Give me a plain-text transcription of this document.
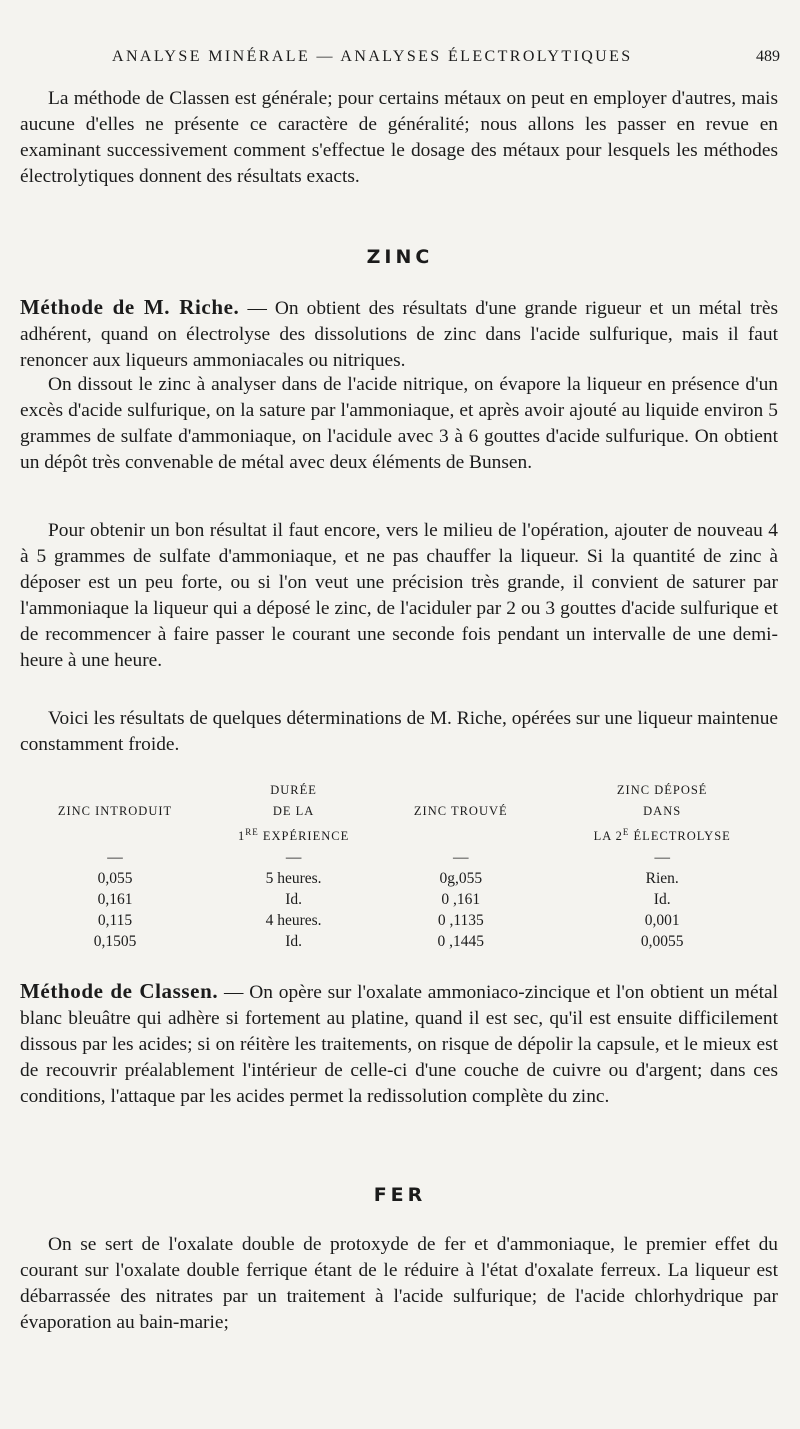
ANALYSE MINÉRALE — ANALYSES ÉLECTROLYTIQUES	489

La méthode de Classen est générale; pour certains métaux on peut en employer d'autres, mais aucune d'elles ne présente ce caractère de généralité; nous allons les passer en revue en examinant successivement comment s'effectue le dosage des métaux pour lesquels les méthodes électrolytiques donnent des résultats exacts.

ZINC

Méthode de M. Riche. — On obtient des résultats d'une grande rigueur et un métal très adhérent, quand on électrolyse des dissolutions de zinc dans l'acide sulfurique, mais il faut renoncer aux liqueurs ammoniacales ou nitriques.

On dissout le zinc à analyser dans de l'acide nitrique, on évapore la liqueur en présence d'un excès d'acide sulfurique, on la sature par l'ammoniaque, et après avoir ajouté au liquide environ 5 grammes de sulfate d'ammoniaque, on l'acidule avec 3 à 6 gouttes d'acide sulfurique. On obtient un dépôt très convenable de métal avec deux éléments de Bunsen.

Pour obtenir un bon résultat il faut encore, vers le milieu de l'opération, ajouter de nouveau 4 à 5 grammes de sulfate d'ammoniaque, et ne pas chauffer la liqueur. Si la quantité de zinc à déposer est un peu forte, ou si l'on veut une précision très grande, il convient de saturer par l'ammoniaque la liqueur qui a déposé le zinc, de l'aciduler par 2 ou 3 gouttes d'acide sulfurique et de recommencer à faire passer le courant une seconde fois pendant un intervalle de une demi-heure à une heure.

Voici les résultats de quelques déterminations de M. Riche, opérées sur une liqueur maintenue constamment froide.

	DURÉE		ZINC DÉPOSÉ
ZINC INTRODUIT	DE LA	ZINC TROUVÉ	DANS
	1RE EXPÉRIENCE		LA $2^E$ ÉLECTROLYSE
—	—	—	—
0,055	5 heures.	0g,055	Rien.
0,161	Id.	0 ,161	Id.
0,115	4 heures.	0 ,1135	0,001
0,1505	Id.	0 ,1445	0,0055

Méthode de Classen. — On opère sur l'oxalate ammoniaco-zincique et l'on obtient un métal blanc bleuâtre qui adhère si fortement au platine, quand il est sec, qu'il est ensuite difficilement dissous par les acides; si on réitère les traitements, on risque de dépolir la capsule, et le mieux est de recouvrir préalablement l'intérieur de celle-ci d'une couche de cuivre ou d'argent; dans ces conditions, l'attaque par les acides permet la redissolution complète du zinc.

FER

On se sert de l'oxalate double de protoxyde de fer et d'ammoniaque, le premier effet du courant sur l'oxalate double ferrique étant de le réduire à l'état d'oxalate ferreux. La liqueur est débarrassée des nitrates par un traitement à l'acide sulfurique; de l'acide chlorhydrique par évaporation au bain-marie;
